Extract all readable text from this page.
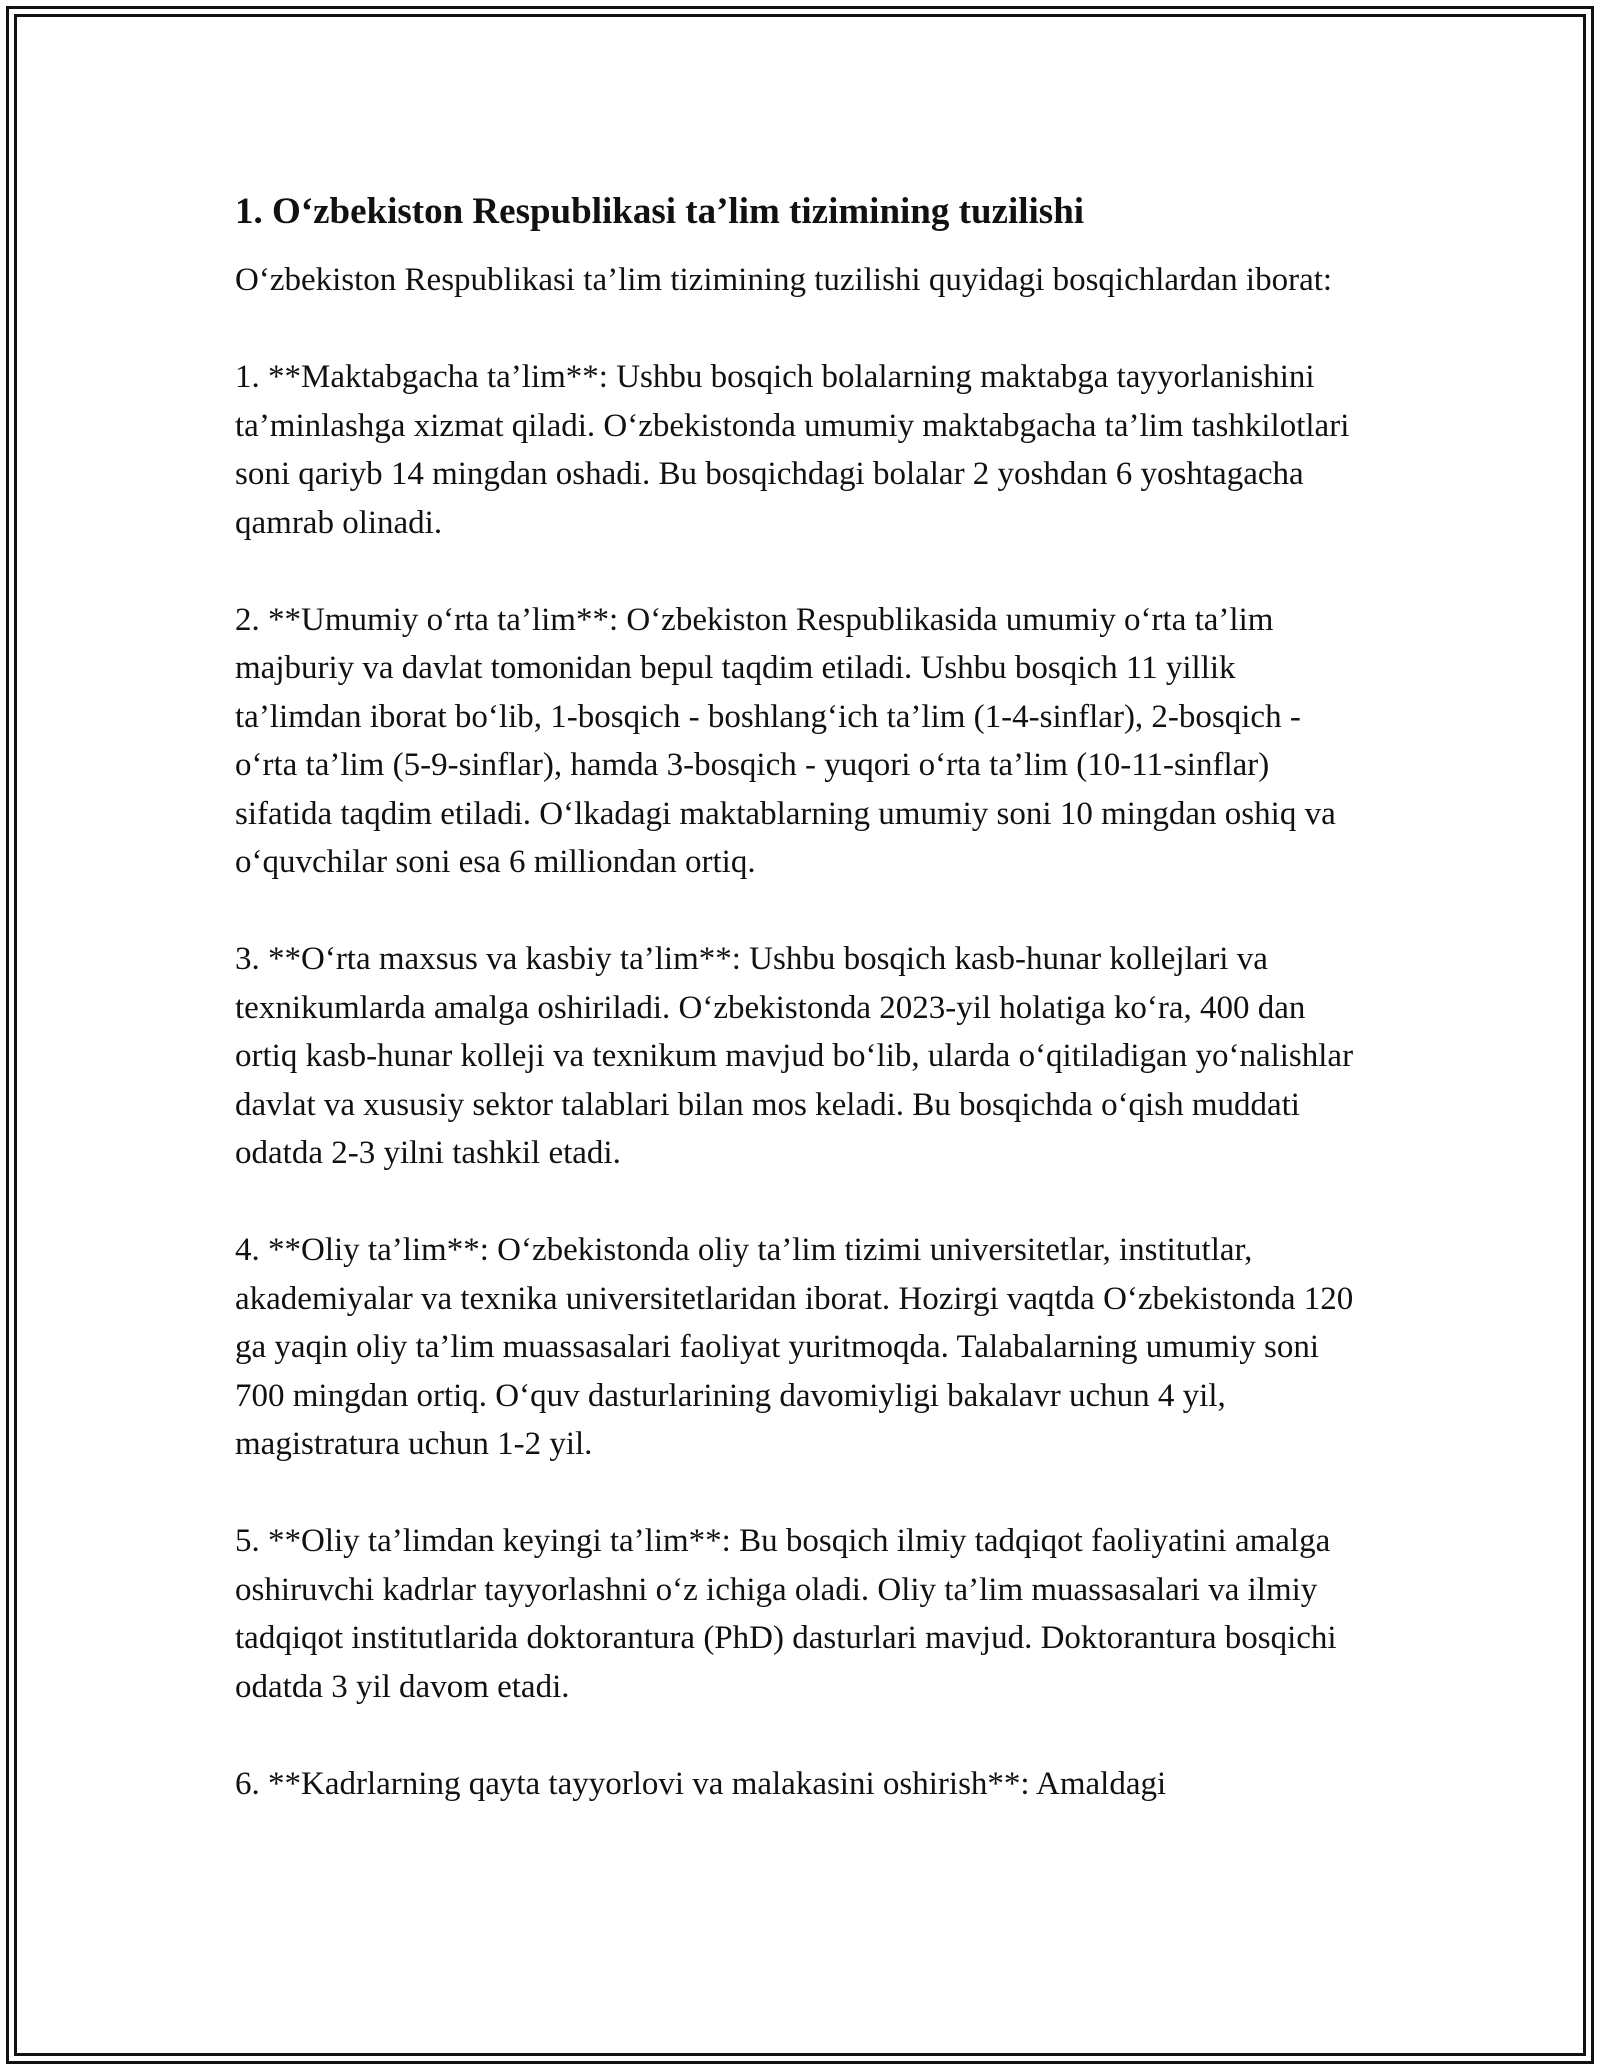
1. O‘zbekiston Respublikasi ta’lim tizimining tuzilishi

O‘zbekiston Respublikasi ta’lim tizimining tuzilishi quyidagi bosqichlardan iborat:

1. **Maktabgacha ta’lim**: Ushbu bosqich bolalarning maktabga tayyorlanishini ta’minlashga xizmat qiladi. O‘zbekistonda umumiy maktabgacha ta’lim tashkilotlari soni qariyb 14 mingdan oshadi. Bu bosqichdagi bolalar 2 yoshdan 6 yoshtagacha qamrab olinadi.

2. **Umumiy o‘rta ta’lim**: O‘zbekiston Respublikasida umumiy o‘rta ta’lim majburiy va davlat tomonidan bepul taqdim etiladi. Ushbu bosqich 11 yillik ta’limdan iborat bo‘lib, 1-bosqich - boshlang‘ich ta’lim (1-4-sinflar), 2-bosqich - o‘rta ta’lim (5-9-sinflar), hamda 3-bosqich - yuqori o‘rta ta’lim (10-11-sinflar) sifatida taqdim etiladi. O‘lkadagi maktablarning umumiy soni 10 mingdan oshiq va o‘quvchilar soni esa 6 milliondan ortiq.

3. **O‘rta maxsus va kasbiy ta’lim**: Ushbu bosqich kasb-hunar kollejlari va texnikumlarda amalga oshiriladi. O‘zbekistonda 2023-yil holatiga ko‘ra, 400 dan ortiq kasb-hunar kolleji va texnikum mavjud bo‘lib, ularda o‘qitiladigan yo‘nalishlar davlat va xususiy sektor talablari bilan mos keladi. Bu bosqichda o‘qish muddati odatda 2-3 yilni tashkil etadi.

4. **Oliy ta’lim**: O‘zbekistonda oliy ta’lim tizimi universitetlar, institutlar, akademiyalar va texnika universitetlaridan iborat. Hozirgi vaqtda O‘zbekistonda 120 ga yaqin oliy ta’lim muassasalari faoliyat yuritmoqda. Talabalarning umumiy soni 700 mingdan ortiq. O‘quv dasturlarining davomiyligi bakalavr uchun 4 yil, magistratura uchun 1-2 yil.

5. **Oliy ta’limdan keyingi ta’lim**: Bu bosqich ilmiy tadqiqot faoliyatini amalga oshiruvchi kadrlar tayyorlashni o‘z ichiga oladi. Oliy ta’lim muassasalari va ilmiy tadqiqot institutlarida doktorantura (PhD) dasturlari mavjud. Doktorantura bosqichi odatda 3 yil davom etadi.

6. **Kadrlarning qayta tayyorlovi va malakasini oshirish**: Amaldagi
